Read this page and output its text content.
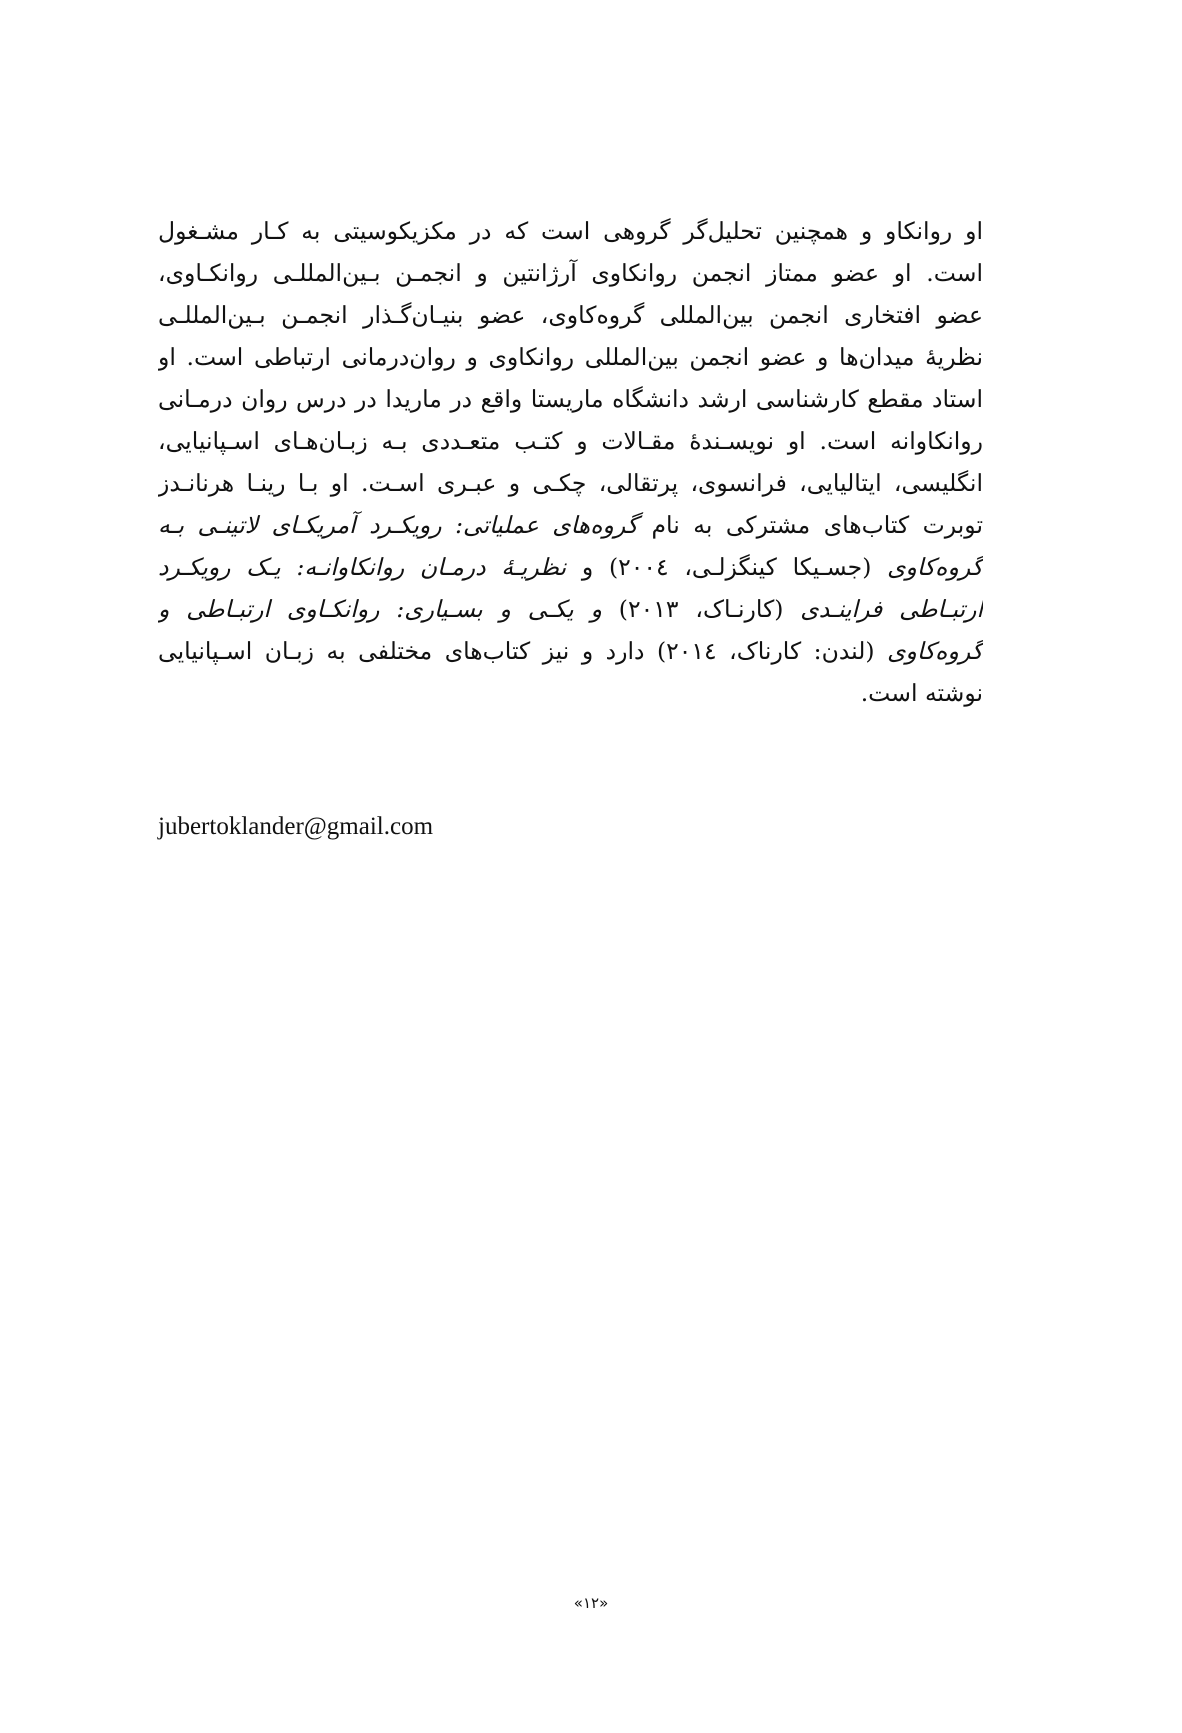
او روانکاو و همچنین تحلیل‌گر گروهی است که در مکزیکوسیتی به کـار مشـغول
است. او عضو ممتاز انجمن روانکاوی آرژانتین و انجمـن بـین‌المللـی روانکـاوی،
عضو افتخاری انجمن بین‌المللی گروه‌کاوی، عضو بنیـان‌گـذار انجمـن بـین‌المللـی
نظریهٔ میدان‌ها و عضو انجمن بین‌المللی روانکاوی و روان‌درمانی ارتباطی است. او
استاد مقطع کارشناسی ارشد دانشگاه ماریستا واقع در ماریدا در درس روان درمـانی
روانکاوانه است. او نویسـندهٔ مقـالات و کتـب متعـددی بـه زبـان‌هـای اسـپانیایی،
انگلیسی، ایتالیایی، فرانسوی، پرتقالی، چکـی و عبـری اسـت. او بـا رینـا هرنانـدز
توبرت کتاب‌های مشترکی به نام گروه‌های عملیاتی: رویکـرد آمریکـای لاتینـی بـه
گروه‌کاوی (جسـیکا کینگزلـی، ۲۰۰٤) و نظریـهٔ درمـان روانکاوانـه: یـک رویکـرد
ارتبـاطی فراینـدی (کارنـاک، ۲۰۱۳) و یکـی و بسـیاری: روانکـاوی ارتبـاطی و
گروه‌کاوی (لندن: کارناک، ۲۰۱٤) دارد و نیز کتاب‌های مختلفی به زبـان اسـپانیایی
نوشته است.
jubertoklander@gmail.com
«۱۲»
